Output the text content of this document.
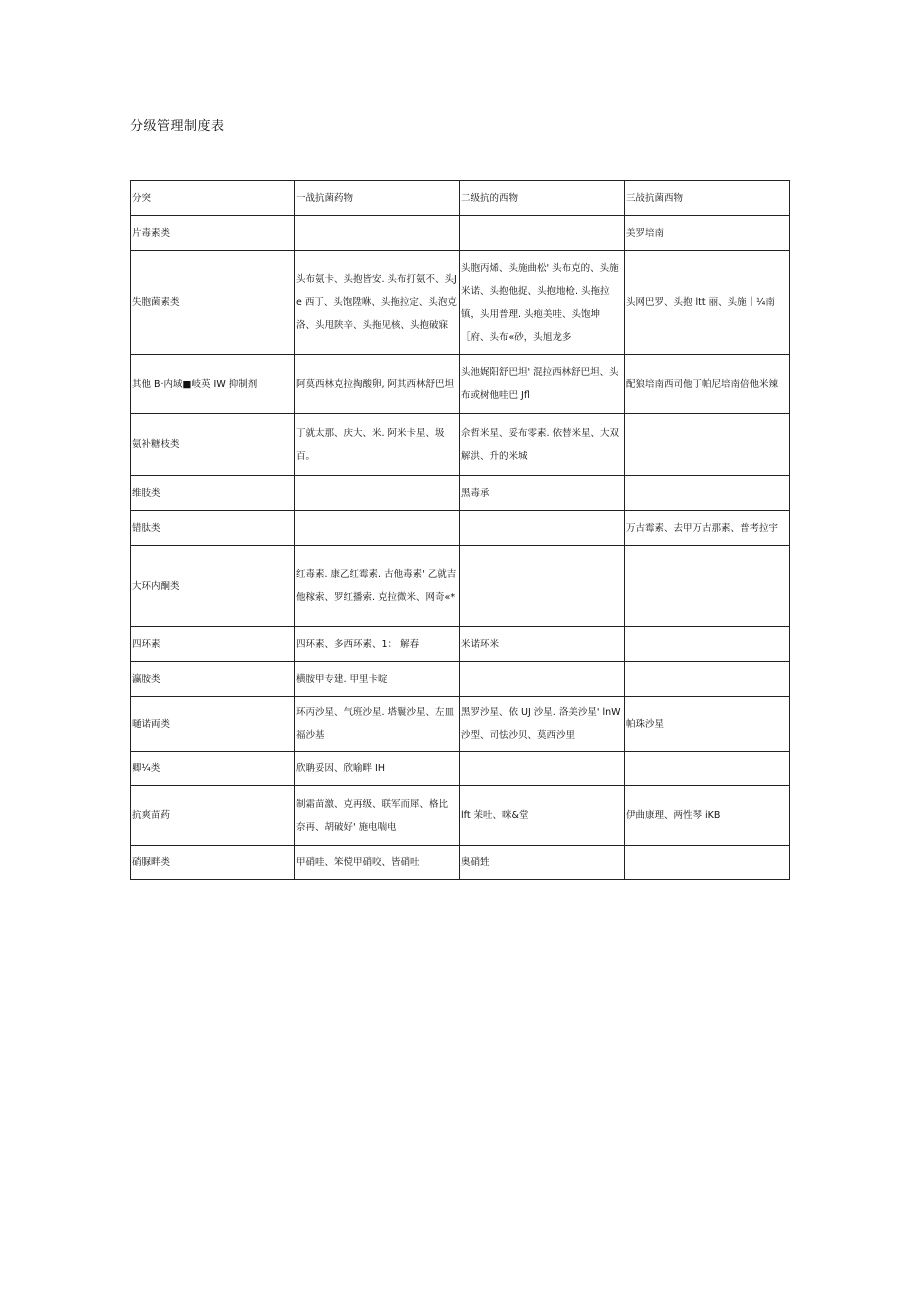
分级管理制度表
分突	一战抗菌药物	二级抗的西物	三敁抗菌西物
片毒素类			美罗培南
失胞菌素类	头布氨卡、头抱皆安. 头布打氨不、头Je 西丁、头饱陞咻、头拖拉定、头泡克洛、头甩陕辛、头拖见核、头抱破寐	头胞丙烯、头施曲松' 头布克的、头施米诺、头抱他捉、头抱地枪. 头拖拉镇，头用普理. 头疱美哇、头饱坤［府、头布«砂，头旭龙多	头网巴罗、头抱 ltt 丽、头施｜¼南
其他 B·内域■岐英 IW 抑制剂	阿莫西林克拉掏酸卵, 阿其西林舒巴坦	头池娓阳舒巴坦' 混拉西林舒巴坦、头布或树他哇巴 Jfl	配狼培南西司他丁帕尼培南倍他米辣
氨补糖枝类	丁就太那、庆大、米. 阿米卡星、圾百。	佘哲米星、妥布零素. 依替米星、大双解洪、升的米城	
维肢类		黑毒承	
错肽类			万古霉素、去甲万古那素、普考拉宇
大环内酮类	红毒素. 康乙红霉素. 古他毒素' 乙就吉他稼索、罗红播索. 克拉微米、网奇«*		
四环素	四环素、多西环素、1： 解春	米诺环米	
瀛胺类	横胺甲专建. 甲里卡啶		
嗵诺両类	环丙沙星、气班沙星. 塔鬟沙星、左皿福沙基	黑罗沙星、依 UJ 沙星. 洛美沙星' lnW 沙型、司怯沙贝、莫西沙里	帕珠沙星
卿¼类	欣聃妥因、欣喻畔 IH		
抗爽苗药	制霜苗激、克再级、联军而犀、格比奈再、胡破好' 施电喘电	lft 苿吐、咪&堂	伊曲康理、两性琴 iKB
硝脲畔类	甲硝哇、笨傥甲硝咬、皆硝吐	奥硝甡	
